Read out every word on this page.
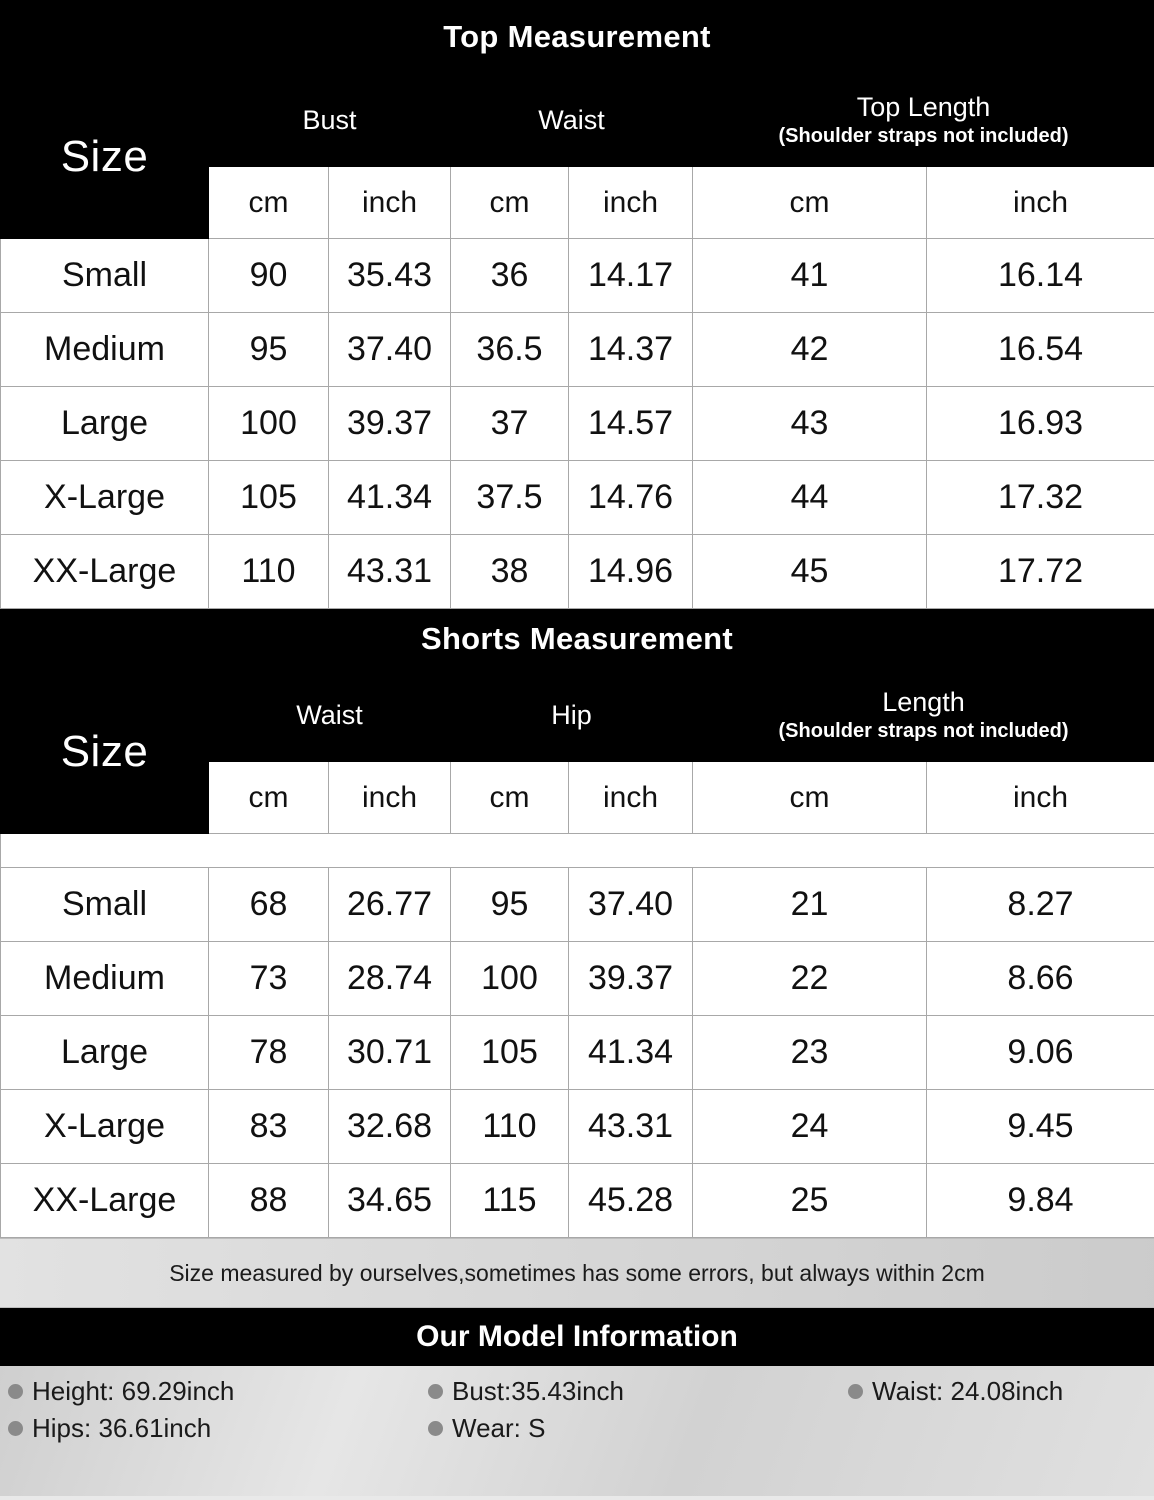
Top Measurement
Size	Bust		Waist		Top Length
(Shoulder straps not included)	

	cm	inch	cm	inch	cm	inch
Small	90	35.43	36	14.17	41	16.14
Medium	95	37.40	36.5	14.37	42	16.54
Large	100	39.37	37	14.57	43	16.93
X-Large	105	41.34	37.5	14.76	44	17.32
XX-Large	110	43.31	38	14.96	45	17.72
Shorts Measurement
Size	Waist		Hip		Length
(Shoulder straps not included)	

	cm	inch	cm	inch	cm	inch

Small	68	26.77	95	37.40	21	8.27
Medium	73	28.74	100	39.37	22	8.66
Large	78	30.71	105	41.34	23	9.06
X-Large	83	32.68	110	43.31	24	9.45
XX-Large	88	34.65	115	45.28	25	9.84
Size measured by ourselves,sometimes has some errors, but always within 2cm
Our Model Information
Height: 69.29inch	Bust:35.43inch	Waist: 24.08inch
Hips: 36.61inch	Wear: S
